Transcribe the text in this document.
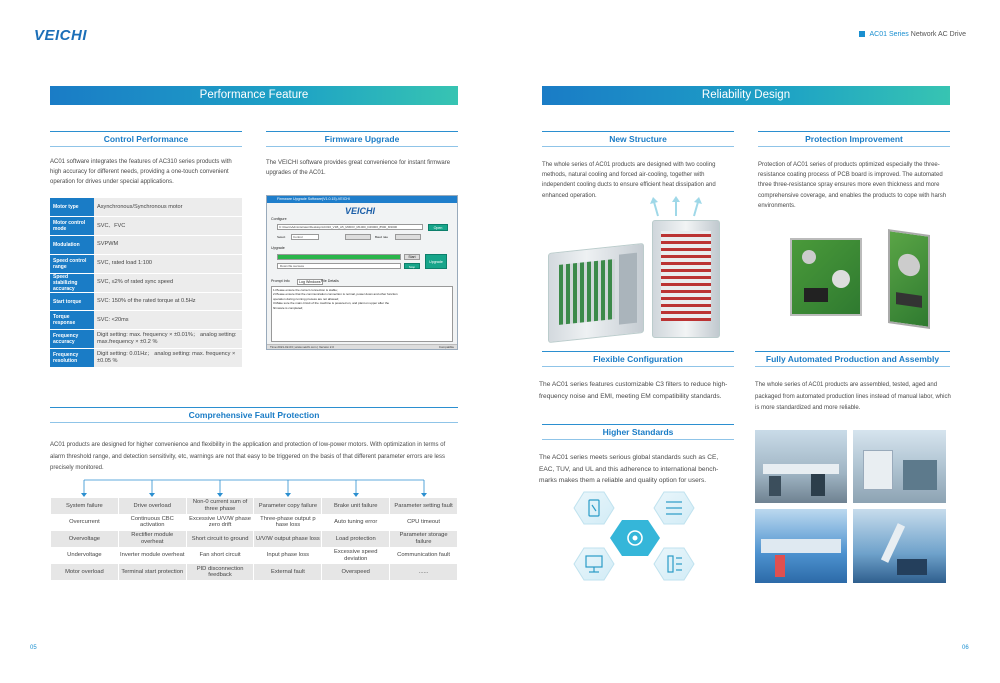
VEICHI	AC01 Series Network AC Drive
Performance Feature
Control Performance
AC01 software integrates the features of AC310 series products with high accuracy for different needs, providing a one-touch convenient operation for drives under special applications.
Motor type	Asynchronous/Synchronous motor
Motor control mode	SVC、FVC
Modulation	SVPWM
Speed control range	SVC, rated load 1:100
Speed stabilizing accuracy	SVC, ≤2% of rated sync speed
Start torque	SVC: 150% of the rated torque at 0.5Hz
Torque response	SVC: <20ms
Frequency accuracy	Digit setting: max. frequency × ±0.01%； analog setting: max.frequency × ±0.2 %
Frequency resolution	Digit setting: 0.01Hz； analog setting: max. frequency × ±0.05 %
Firmware Upgrade
The VEICHI software provides great convenience for instant firmware upgrades of the AC01.
Firmware Upgrade Software(V1.0.15)-VEICHI
VEICHI
Configure
C:\Users\Administrator\Desktop\AC310_V1B_A5_M300V_M1000_D46000_8500_M3000	Open
Select	Control	Baud rate
Upgrade
Start
Down file success	Stop
Upgrade
Prompt Info	Log Windows File Details
1.Please ensure the correct connection is stable;
2.Please ensure that the communication connection is normal, power down and other function
operation during running process are not allowed;
3.Make sure the main circuit of the machine is powered on, and plant on upper after the
firmware is completed;
Time:2021-02-03 | www.veichi.com | Version 2.0	Compatible
Comprehensive Fault Protection
AC01 products are designed for higher convenience and flexibility in the application and protection of low-power motors. With optimization in terms of alarm threshold range, and detection sensitivity, etc, warnings are not that easy to be triggered on the basis of that different parameter errors are less precisely monitored.
System failure	Drive overload	Non-0 current sum of three phase	Parameter copy failure	Brake unit failure	Parameter setting fault
Overcurrent	Continuous CBC activation	Excessive U/V/W phase zero drift	Three-phase output p hase loss	Auto tuning error	CPU timeout
Overvoltage	Rectifier module overheat	Short circuit to ground	U/V/W output phase loss	Load protection	Parameter storage failure
Undervoltage	Inverter module overheat	Fan short circuit	Input phase loss	Excessive speed deviation	Communication fault
Motor overload	Terminal start protection	PID disconnection feedback	External fault	Overspeed	......
05
Reliability Design
New Structure
The whole series of AC01 products are designed with two cooling methods, natural cooling and forced air-cooling, together with independent cooling ducts to ensure efficient heat dissipation and enhanced operation.
Protection Improvement
Protection of AC01 series of products optimized especially the three-resistance coating process of PCB board is improved. The automated three three-resistance spray ensures more even thickness and more comprehensive coverage, and enables the products to cope with harsh environments.
Flexible Configuration
The AC01 series features customizable C3 filters to reduce high-frequency noise and EMI, meeting EM compatibility standards.
Fully Automated Production and Assembly
The whole series of AC01 products are assembled, tested, aged and packaged from automated production lines instead of manual labor, which is more standardized and more reliable.
Higher Standards
The AC01 series meets serious global standards such as CE, EAC, TUV, and UL and this adherence to international bench-marks makes them a reliable and quality option for users.
06
